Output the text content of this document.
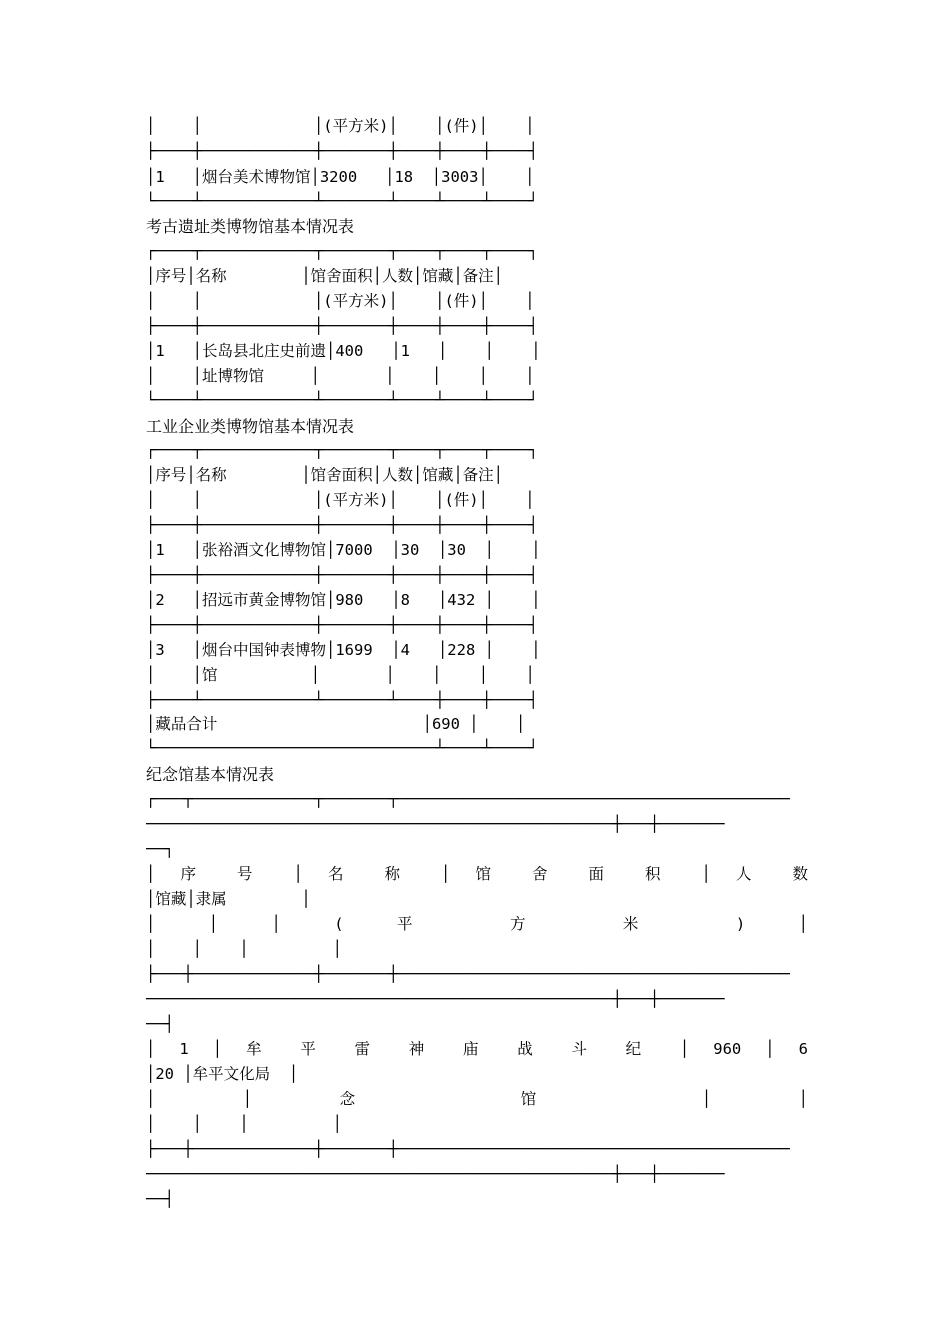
│    │            │(平方米)│    │(件)│    │
├────┼────────────┼───────┼────┼────┼────┤
│1   │烟台美术博物馆│3200   │18  │3003│    │
└────┴────────────┴───────┴────┴────┴────┘
考古遗址类博物馆基本情况表
┌────┬────────────┬───────┬────┬────┬────┐
│序号│名称        │馆舍面积│人数│馆藏│备注│
│    │            │(平方米)│    │(件)│    │
├────┼────────────┼───────┼────┼────┼────┤
│1   │长岛县北庄史前遗│400   │1   │    │    │
│    │址博物馆     │       │    │    │    │
└────┴────────────┴───────┴────┴────┴────┘
工业企业类博物馆基本情况表
┌────┬────────────┬───────┬────┬────┬────┐
│序号│名称        │馆舍面积│人数│馆藏│备注│
│    │            │(平方米)│    │(件)│    │
├────┼────────────┼───────┼────┼────┼────┤
│1   │张裕酒文化博物馆│7000  │30  │30  │    │
├────┼────────────┼───────┼────┼────┼────┤
│2   │招远市黄金博物馆│980   │8   │432 │    │
├────┼────────────┼───────┼────┼────┼────┤
│3   │烟台中国钟表博物│1699  │4   │228 │    │
│    │馆          │       │    │    │    │
├────┴────────────┴───────┴────┼────┼────┤
│藏品合计                      │690 │    │
└──────────────────────────────┴────┴────┘
纪念馆基本情况表
┌───┬─────────────┬───────┬──────────────────────────────────────────
──────────────────────────────────────────────────┼───┼───────
──┐
│ 序 号 │ 名 称 │ 馆 舍 面 积 │ 人 数
│馆藏│隶属        │
│ │ │ ( 平 方 米 ) │
│    │    │         │
├───┼─────────────┼───────┼──────────────────────────────────────────
──────────────────────────────────────────────────┼───┼───────
──┤
│ 1 │ 牟 平 雷 神 庙 战 斗 纪 │ 960 │ 6
│20 │牟平文化局  │
│ │ 念 馆 │ │
│    │    │         │
├───┼─────────────┼───────┼──────────────────────────────────────────
──────────────────────────────────────────────────┼───┼───────
──┤
